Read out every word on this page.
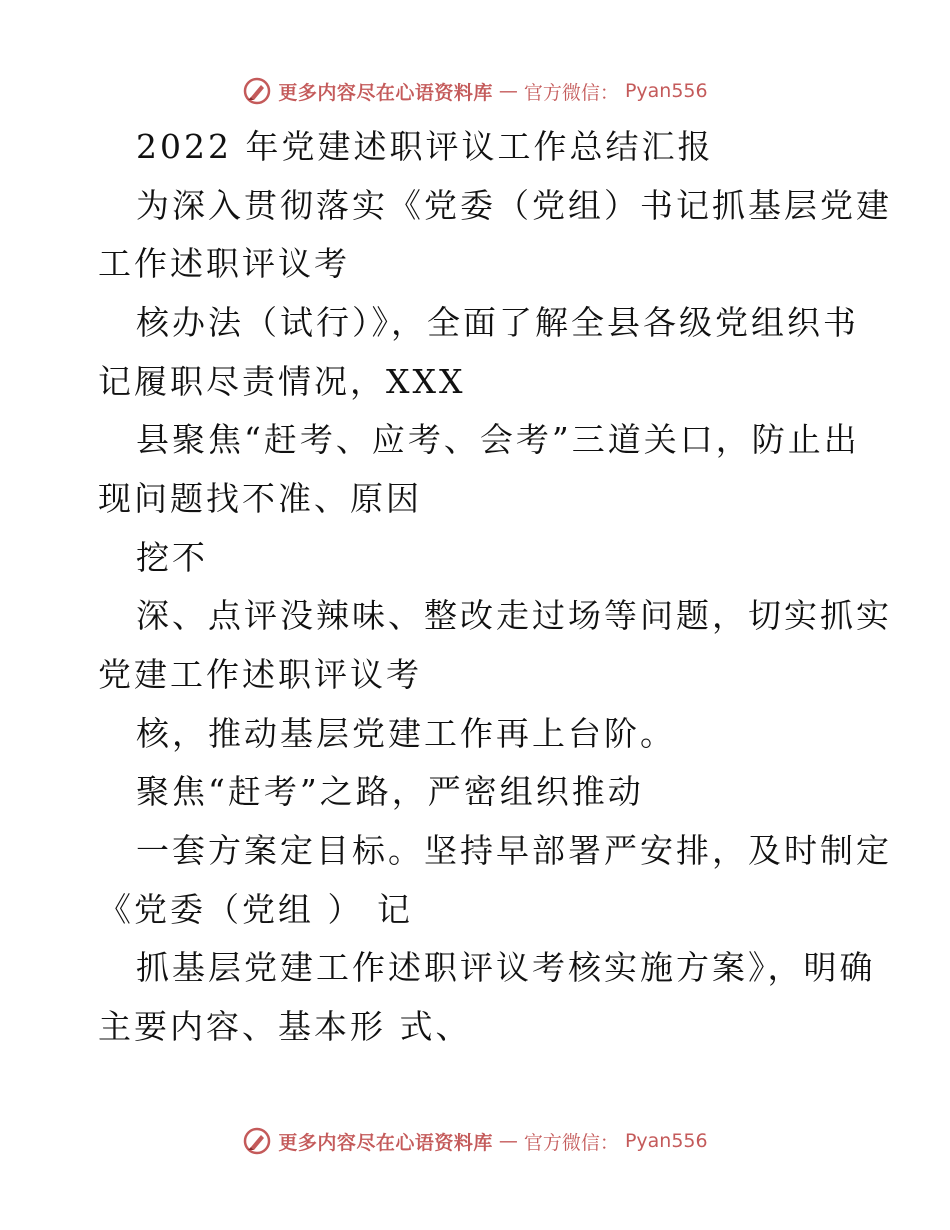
更多内容尽在心语资料库 — 官方微信： Pyan556
2022 年党建述职评议工作总结汇报
为深入贯彻落实《党委（党组）书记抓基层党建
工作述职评议考
核办法（试行）》，全面了解全县各级党组织书
记履职尽责情况，XXX
县聚焦“赶考、应考、会考”三道关口，防止出
现问题找不准、原因
挖不
深、点评没辣味、整改走过场等问题，切实抓实
党建工作述职评议考
核，推动基层党建工作再上台阶。
聚焦“赶考”之路，严密组织推动
一套方案定目标。坚持早部署严安排，及时制定
《党委（党组 ） 记
抓基层党建工作述职评议考核实施方案》，明确
主要内容、基本形 式、
更多内容尽在心语资料库 — 官方微信： Pyan556
